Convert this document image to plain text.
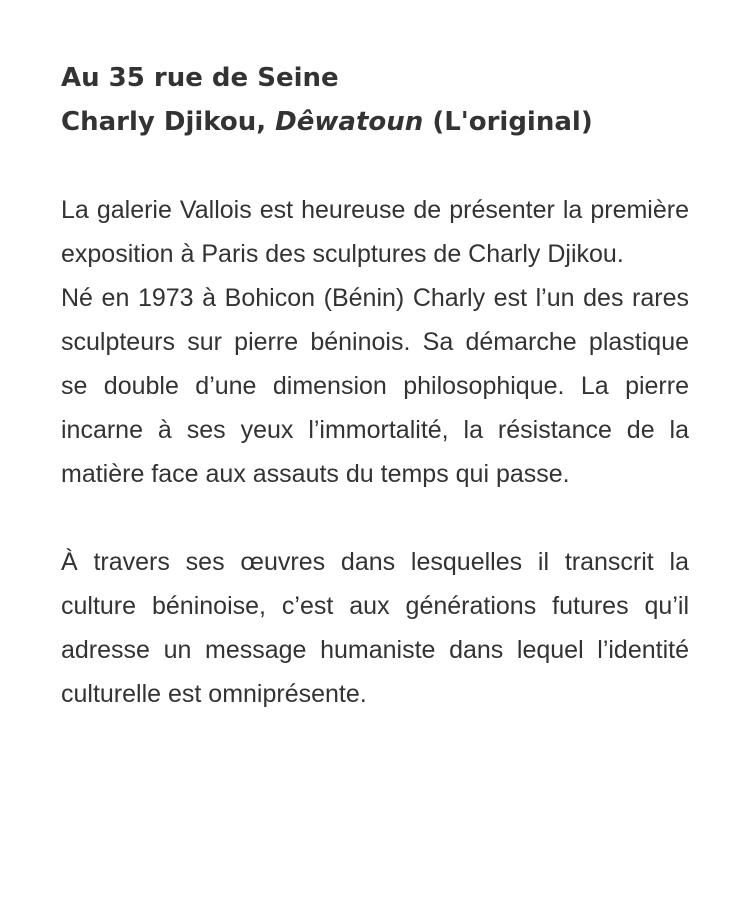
Au 35 rue de Seine
Charly Djikou, Dêwatoun (L'original)

La galerie Vallois est heureuse de présenter la première exposition à Paris des sculptures de Charly Djikou.

Né en 1973 à Bohicon (Bénin) Charly est l’un des rares sculpteurs sur pierre béninois. Sa démarche plastique se double d’une dimension philosophique. La pierre incarne à ses yeux l’immortalité, la résistance de la matière face aux assauts du temps qui passe.

À travers ses œuvres dans lesquelles il transcrit la culture béninoise, c’est aux générations futures qu’il adresse un message humaniste dans lequel l’identité culturelle est omniprésente.
